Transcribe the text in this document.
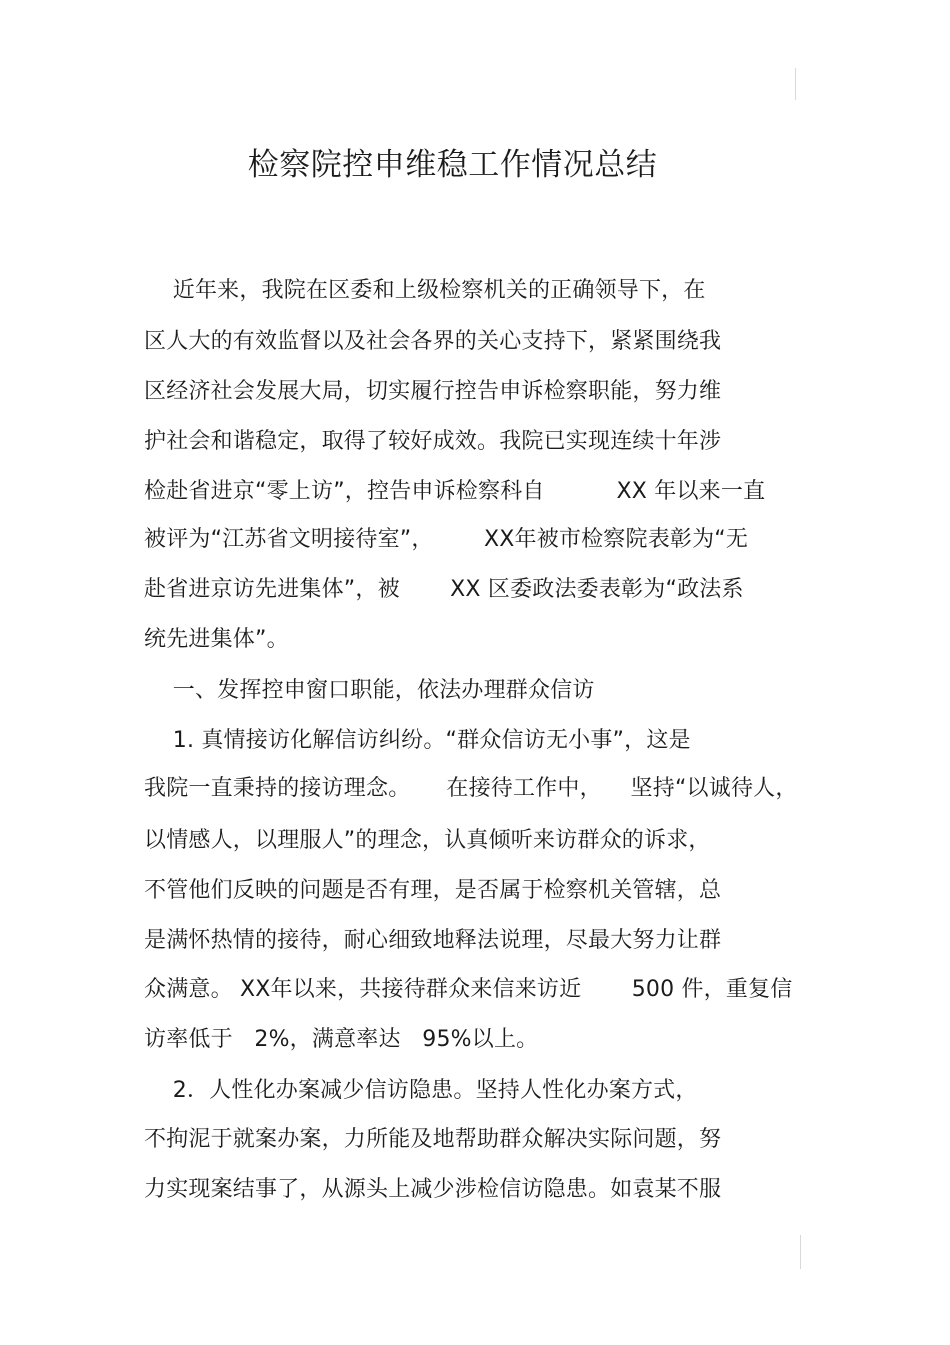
检察院控申维稳工作情况总结
近年来，我院在区委和上级检察机关的正确领导下，在
区人大的有效监督以及社会各界的关心支持下，紧紧围绕我
区经济社会发展大局，切实履行控告申诉检察职能，努力维
护社会和谐稳定，取得了较好成效。我院已实现连续十年涉
检赴省进京“零上访”，控告申诉检察科自          XX 年以来一直
被评为“江苏省文明接待室”，       XX年被市检察院表彰为“无
赴省进京访先进集体”，被       XX 区委政法委表彰为“政法系
统先进集体”。
一、发挥控申窗口职能，依法办理群众信访
1. 真情接访化解信访纠纷。“群众信访无小事”，这是
我院一直秉持的接访理念。     在接待工作中，    坚持“以诚待人，
以情感人，以理服人”的理念，认真倾听来访群众的诉求，
不管他们反映的问题是否有理，是否属于检察机关管辖，总
是满怀热情的接待，耐心细致地释法说理，尽最大努力让群
众满意。 XX年以来，共接待群众来信来访近       500 件，重复信
访率低于   2%，满意率达   95%以上。
2．人性化办案减少信访隐患。坚持人性化办案方式，
不拘泥于就案办案，力所能及地帮助群众解决实际问题，努
力实现案结事了，从源头上减少涉检信访隐患。如袁某不服
